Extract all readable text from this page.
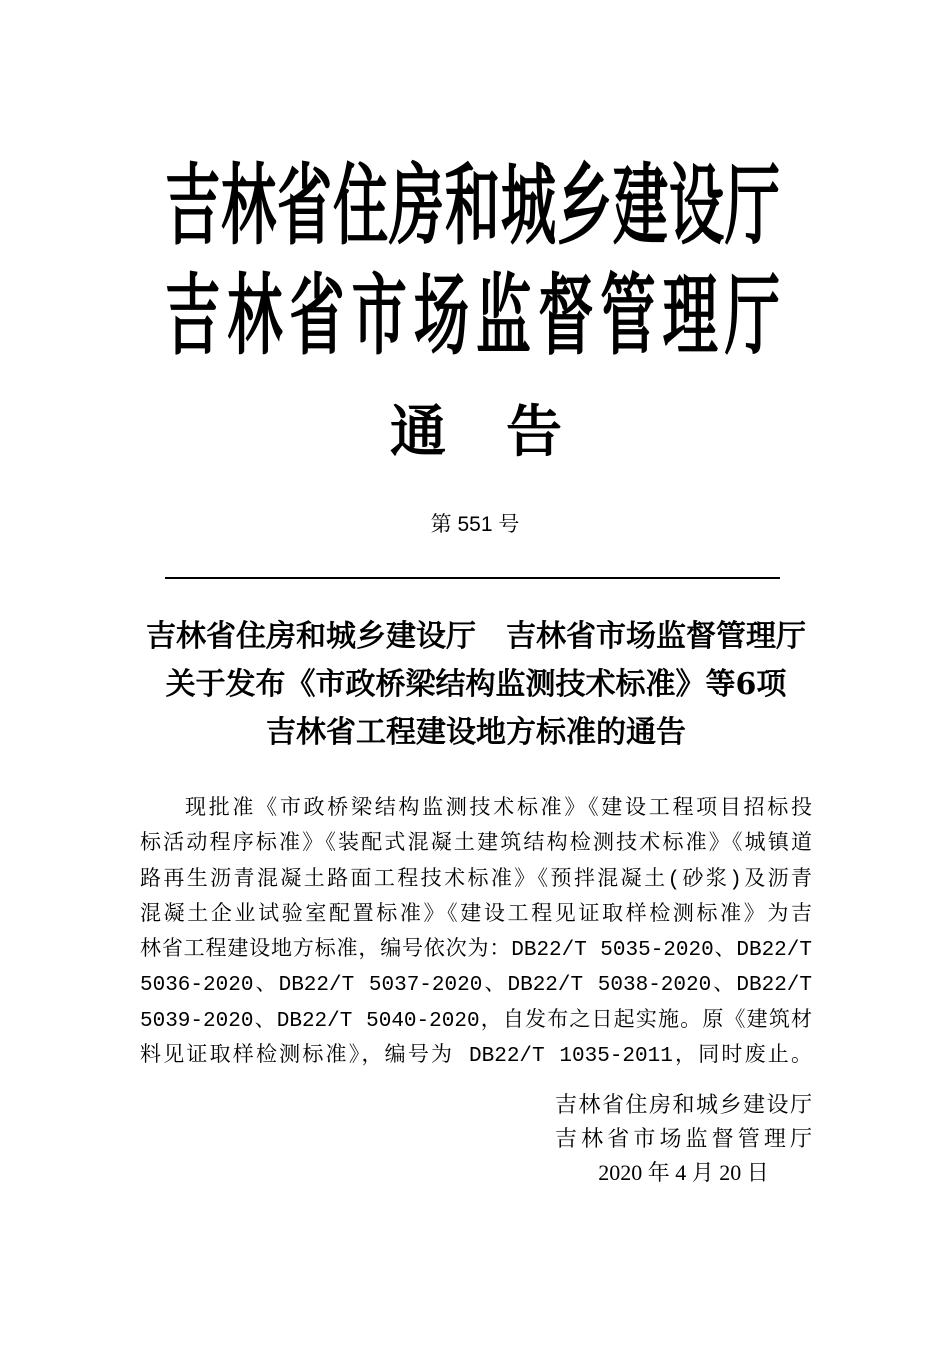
吉林省住房和城乡建设厅
吉林省市场监督管理厅
通告
第 551 号
吉林省住房和城乡建设厅　吉林省市场监督管理厅
关于发布《市政桥梁结构监测技术标准》等6项
吉林省工程建设地方标准的通告
现批准《市政桥梁结构监测技术标准》《建设工程项目招标投
标活动程序标准》《装配式混凝土建筑结构检测技术标准》《城镇道
路再生沥青混凝土路面工程技术标准》《预拌混凝土(砂浆)及沥青
混凝土企业试验室配置标准》《建设工程见证取样检测标准》为吉
林省工程建设地方标准，编号依次为：DB22/T 5035-2020、DB22/T
5036-2020、DB22/T 5037-2020、DB22/T 5038-2020、DB22/T
5039-2020、DB22/T 5040-2020，自发布之日起实施。原《建筑材
料见证取样检测标准》，编号为 DB22/T 1035-2011，同时废止。
吉林省住房和城乡建设厅
吉林省市场监督管理厅
2020 年 4 月 20 日
